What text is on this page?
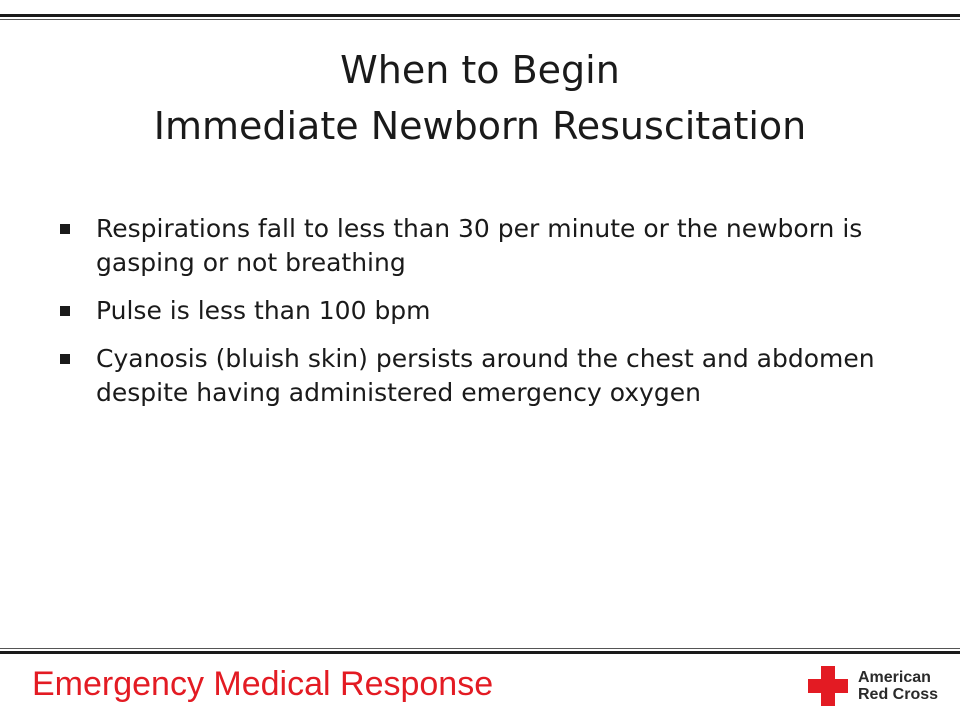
When to Begin
Immediate Newborn Resuscitation
Respirations fall to less than 30 per minute or the newborn is gasping or not breathing
Pulse is less than 100 bpm
Cyanosis (bluish skin) persists around the chest and abdomen despite having administered emergency oxygen
Emergency Medical Response	American
Red Cross
